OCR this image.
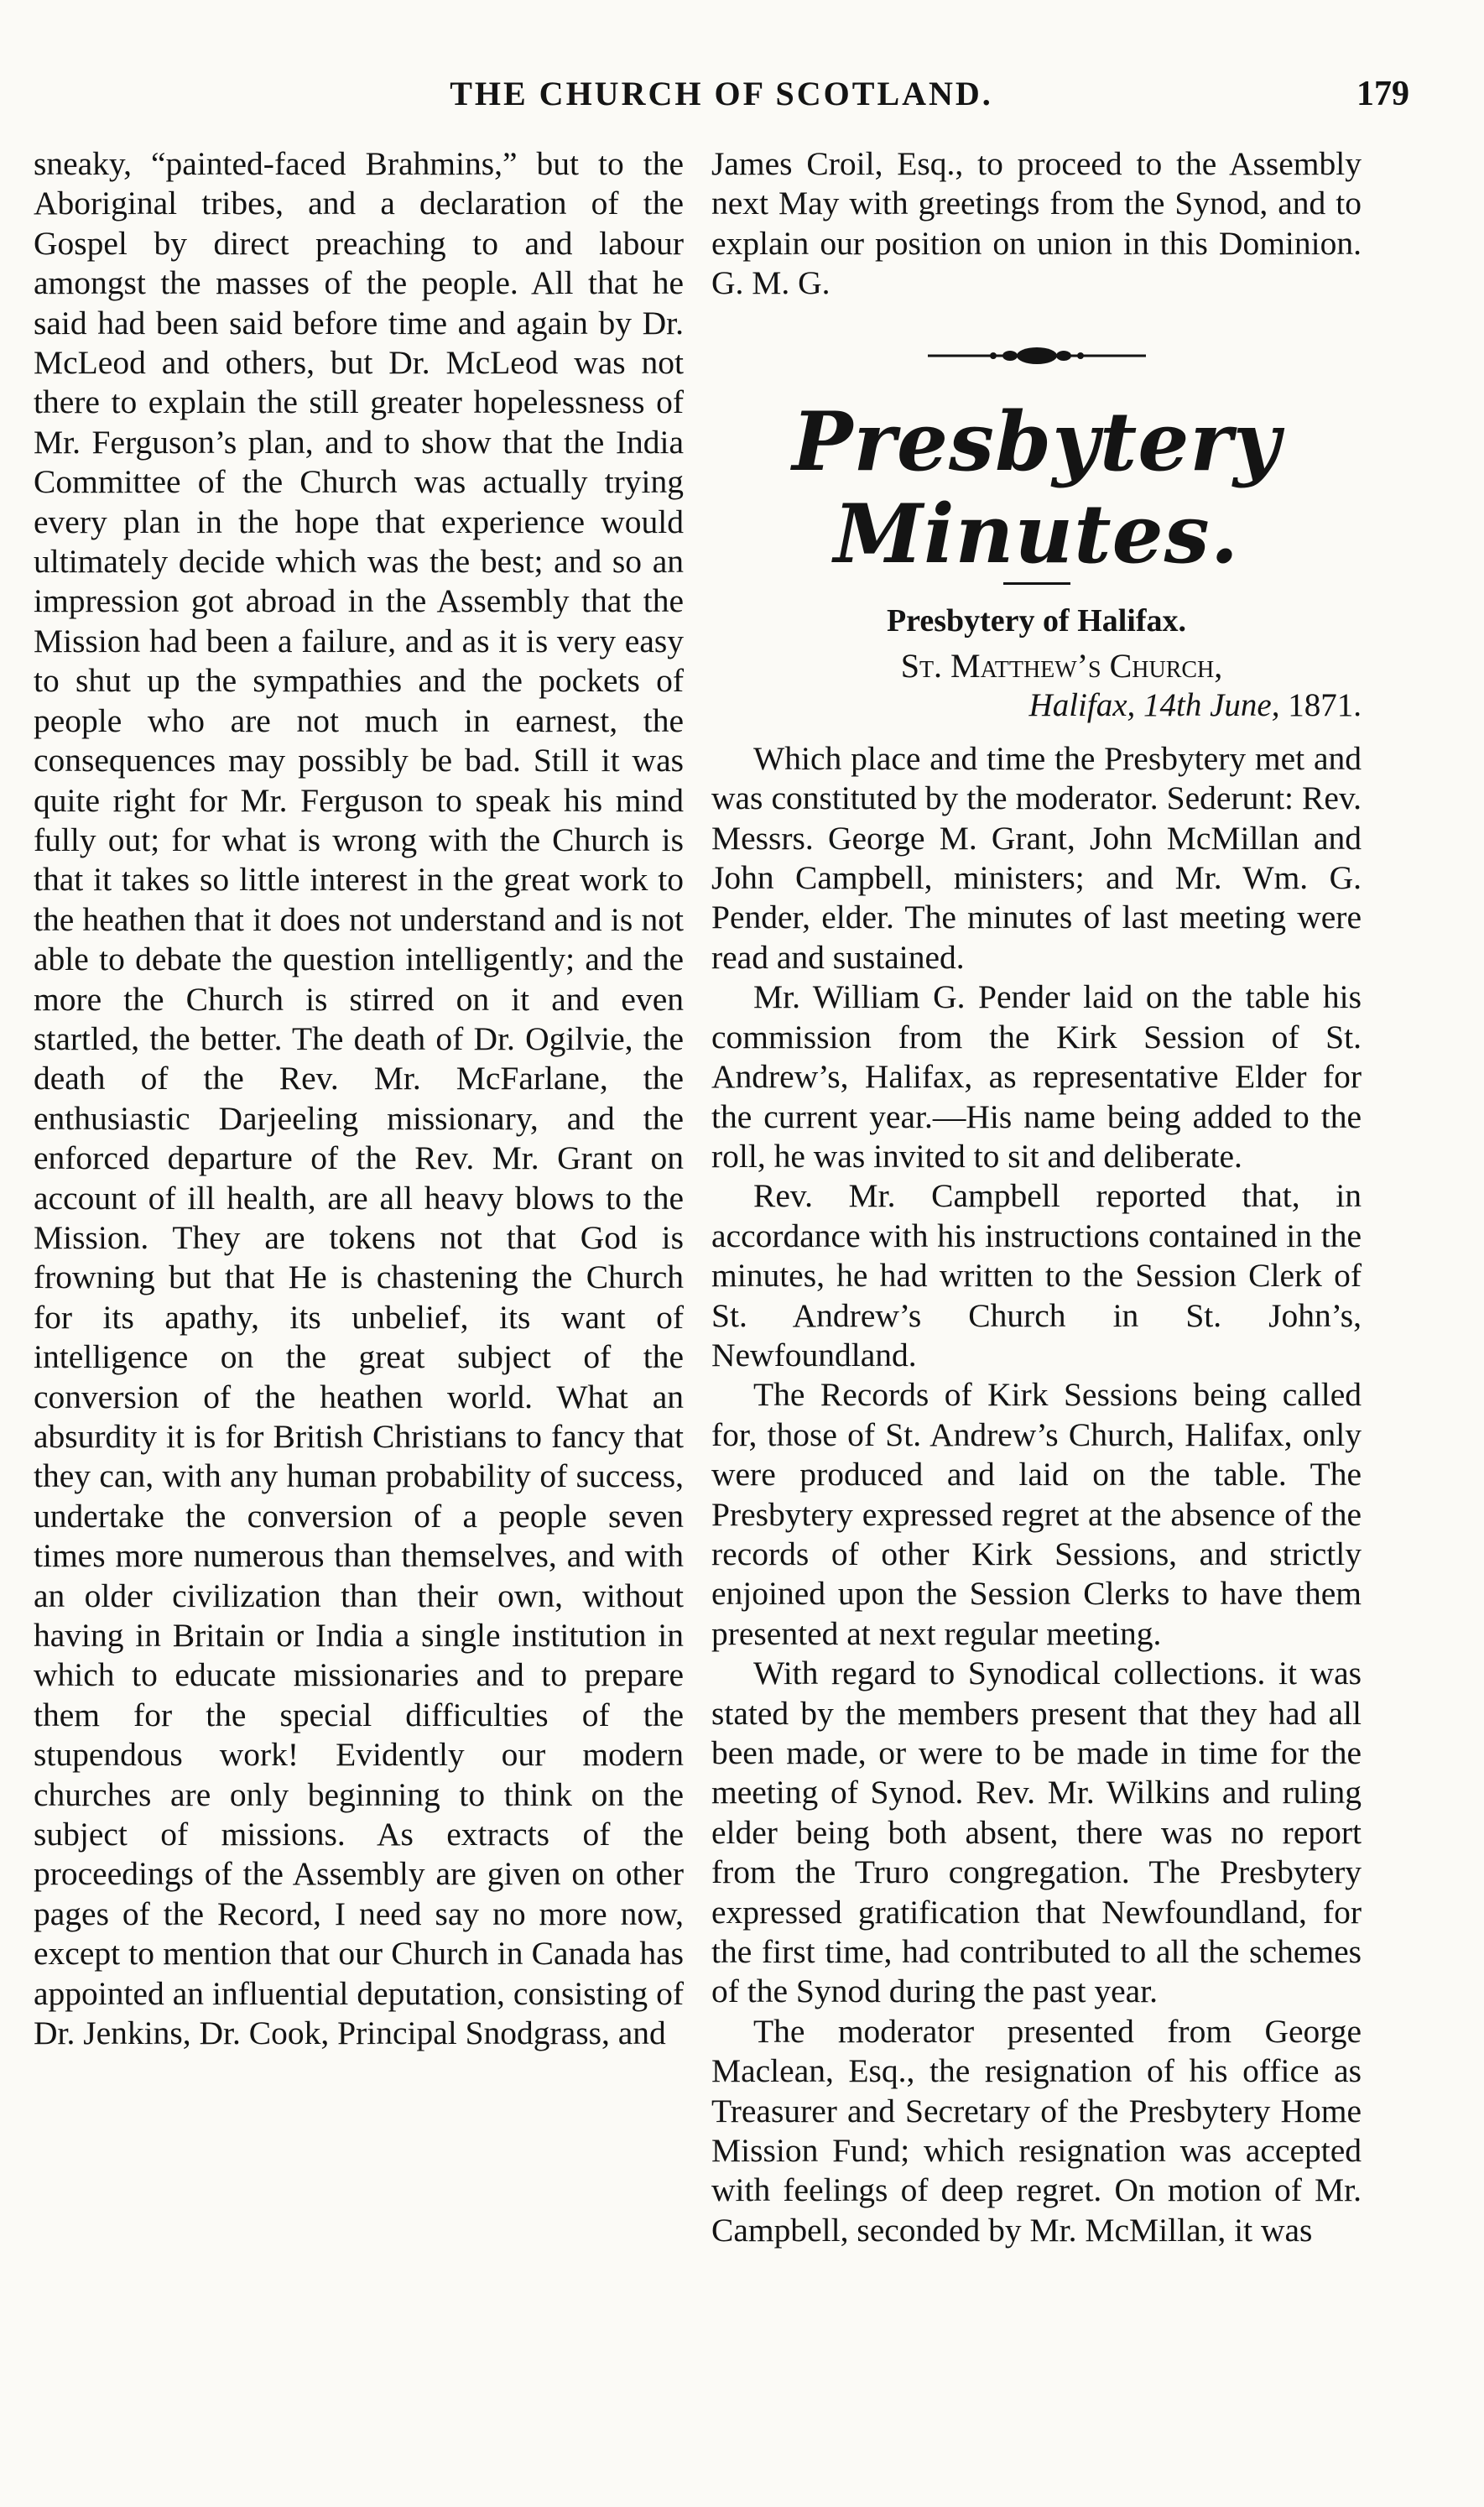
THE CHURCH OF SCOTLAND.	179

sneaky, “painted-faced Brahmins,” but to the Aboriginal tribes, and a declaration of the Gospel by direct preaching to and labour amongst the masses of the people. All that he said had been said before time and again by Dr. McLeod and others, but Dr. McLeod was not there to explain the still greater hopelessness of Mr. Ferguson’s plan, and to show that the India Committee of the Church was actually trying every plan in the hope that experience would ultimately decide which was the best; and so an impression got abroad in the Assembly that the Mission had been a failure, and as it is very easy to shut up the sympathies and the pockets of people who are not much in earnest, the consequences may possibly be bad. Still it was quite right for Mr. Ferguson to speak his mind fully out; for what is wrong with the Church is that it takes so little interest in the great work to the heathen that it does not understand and is not able to debate the question intelligently; and the more the Church is stirred on it and even startled, the better. The death of Dr. Ogilvie, the death of the Rev. Mr. McFarlane, the enthusiastic Darjeeling missionary, and the enforced departure of the Rev. Mr. Grant on account of ill health, are all heavy blows to the Mission. They are tokens not that God is frowning but that He is chastening the Church for its apathy, its unbelief, its want of intelligence on the great subject of the conversion of the heathen world. What an absurdity it is for British Christians to fancy that they can, with any human probability of success, undertake the conversion of a people seven times more numerous than themselves, and with an older civilization than their own, without having in Britain or India a single institution in which to educate missionaries and to prepare them for the special difficulties of the stupendous work! Evidently our modern churches are only beginning to think on the subject of missions. As extracts of the proceedings of the Assembly are given on other pages of the Record, I need say no more now, except to mention that our Church in Canada has appointed an influential deputation, consisting of Dr. Jenkins, Dr. Cook, Principal Snodgrass, and

James Croil, Esq., to proceed to the Assembly next May with greetings from the Synod, and to explain our position on union in this Dominion. G. M. G.

Presbytery Minutes.
Presbytery of Halifax.
St. Matthew’s Church,
Halifax, 14th June, 1871.

Which place and time the Presbytery met and was constituted by the moderator. Sederunt: Rev. Messrs. George M. Grant, John McMillan and John Campbell, ministers; and Mr. Wm. G. Pender, elder. The minutes of last meeting were read and sustained.

Mr. William G. Pender laid on the table his commission from the Kirk Session of St. Andrew’s, Halifax, as representative Elder for the current year.—His name being added to the roll, he was invited to sit and deliberate.

Rev. Mr. Campbell reported that, in accordance with his instructions contained in the minutes, he had written to the Session Clerk of St. Andrew’s Church in St. John’s, Newfoundland.

The Records of Kirk Sessions being called for, those of St. Andrew’s Church, Halifax, only were produced and laid on the table. The Presbytery expressed regret at the absence of the records of other Kirk Sessions, and strictly enjoined upon the Session Clerks to have them presented at next regular meeting.

With regard to Synodical collections. it was stated by the members present that they had all been made, or were to be made in time for the meeting of Synod. Rev. Mr. Wilkins and ruling elder being both absent, there was no report from the Truro congregation. The Presbytery expressed gratification that Newfoundland, for the first time, had contributed to all the schemes of the Synod during the past year.

The moderator presented from George Maclean, Esq., the resignation of his office as Treasurer and Secretary of the Presbytery Home Mission Fund; which resignation was accepted with feelings of deep regret. On motion of Mr. Campbell, seconded by Mr. McMillan, it was
